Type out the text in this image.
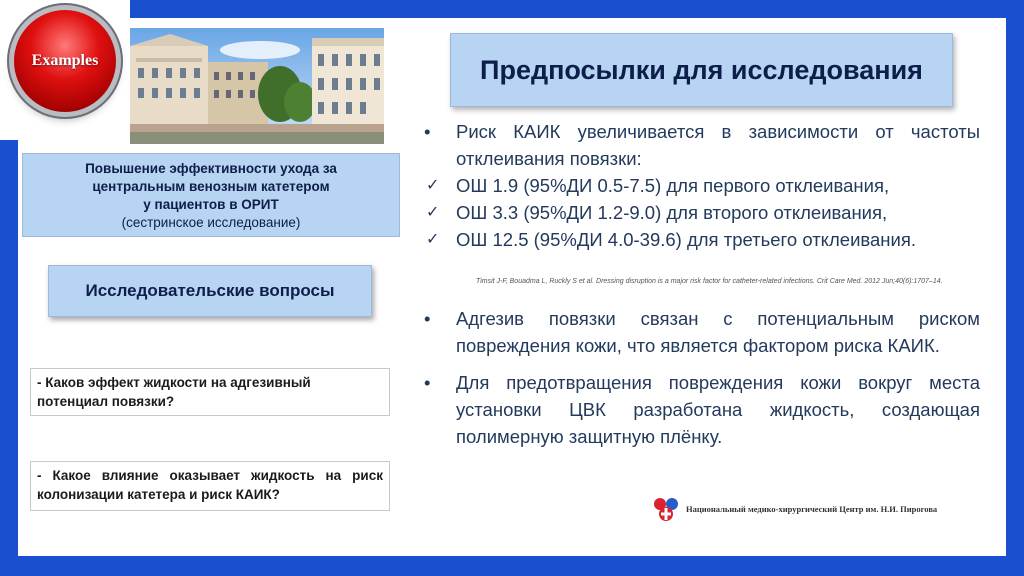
Examples
Повышение эффективности ухода за
центральным венозным катетером
у пациентов в ОРИТ
(сестринское исследование)
Исследовательские вопросы
- Каков эффект жидкости на адгезивный потенциал повязки?
- Какое влияние оказывает жидкость на риск колонизации катетера и риск КАИК?
Предпосылки для исследования
•	Риск КАИК увеличивается в зависимости от частоты отклеивания повязки:
✓ ОШ 1.9 (95%ДИ 0.5-7.5) для первого отклеивания,
✓ ОШ 3.3 (95%ДИ 1.2-9.0) для второго отклеивания,
✓ ОШ 12.5 (95%ДИ 4.0-39.6) для третьего отклеивания.
•	Адгезив повязки связан с потенциальным риском повреждения кожи, что является фактором риска КАИК.
•	Для предотвращения повреждения кожи вокруг места установки ЦВК разработана жидкость, создающая полимерную защитную плёнку.
Timsit J-F, Bouadma L, Ruckly S et al. Dressing disruption is a major risk factor for catheter-related infections. Crit Care Med. 2012 Jun;40(6):1707–14.
Национальный медико-хирургический Центр им. Н.И. Пирогова
